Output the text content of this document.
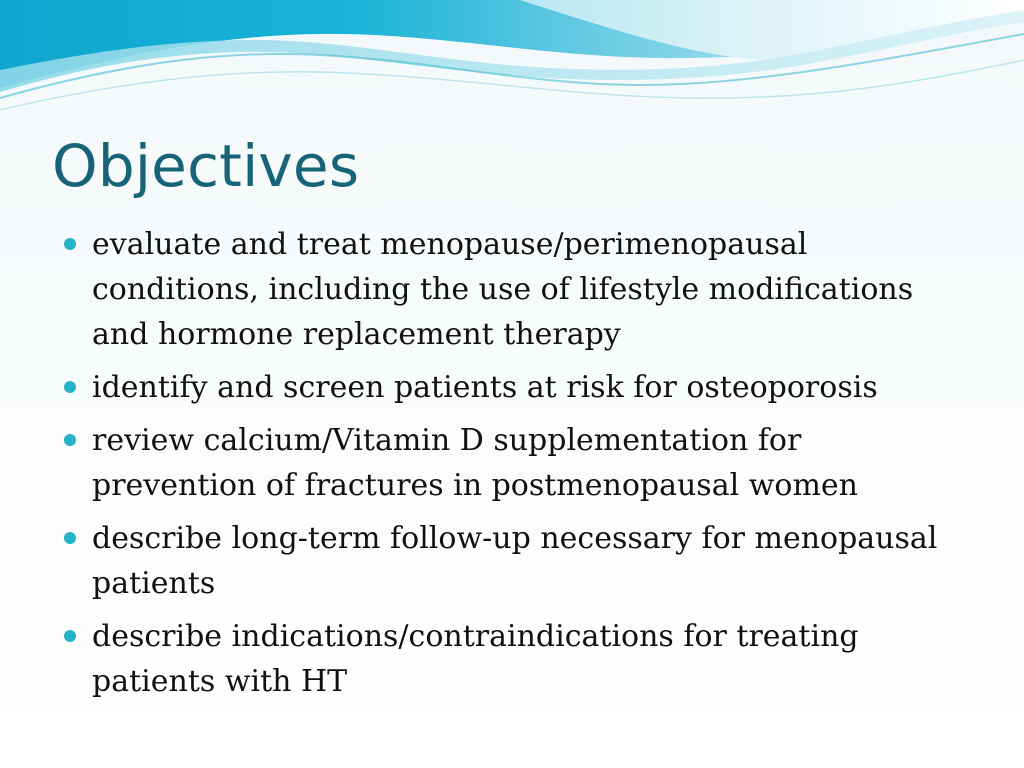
Objectives
evaluate and treat menopause/perimenopausal conditions, including the use of lifestyle modifications and hormone replacement therapy
identify and screen patients at risk for osteoporosis
review calcium/Vitamin D supplementation for prevention of fractures in postmenopausal women
describe long-term follow-up necessary for menopausal patients
describe indications/contraindications for treating patients with HT
